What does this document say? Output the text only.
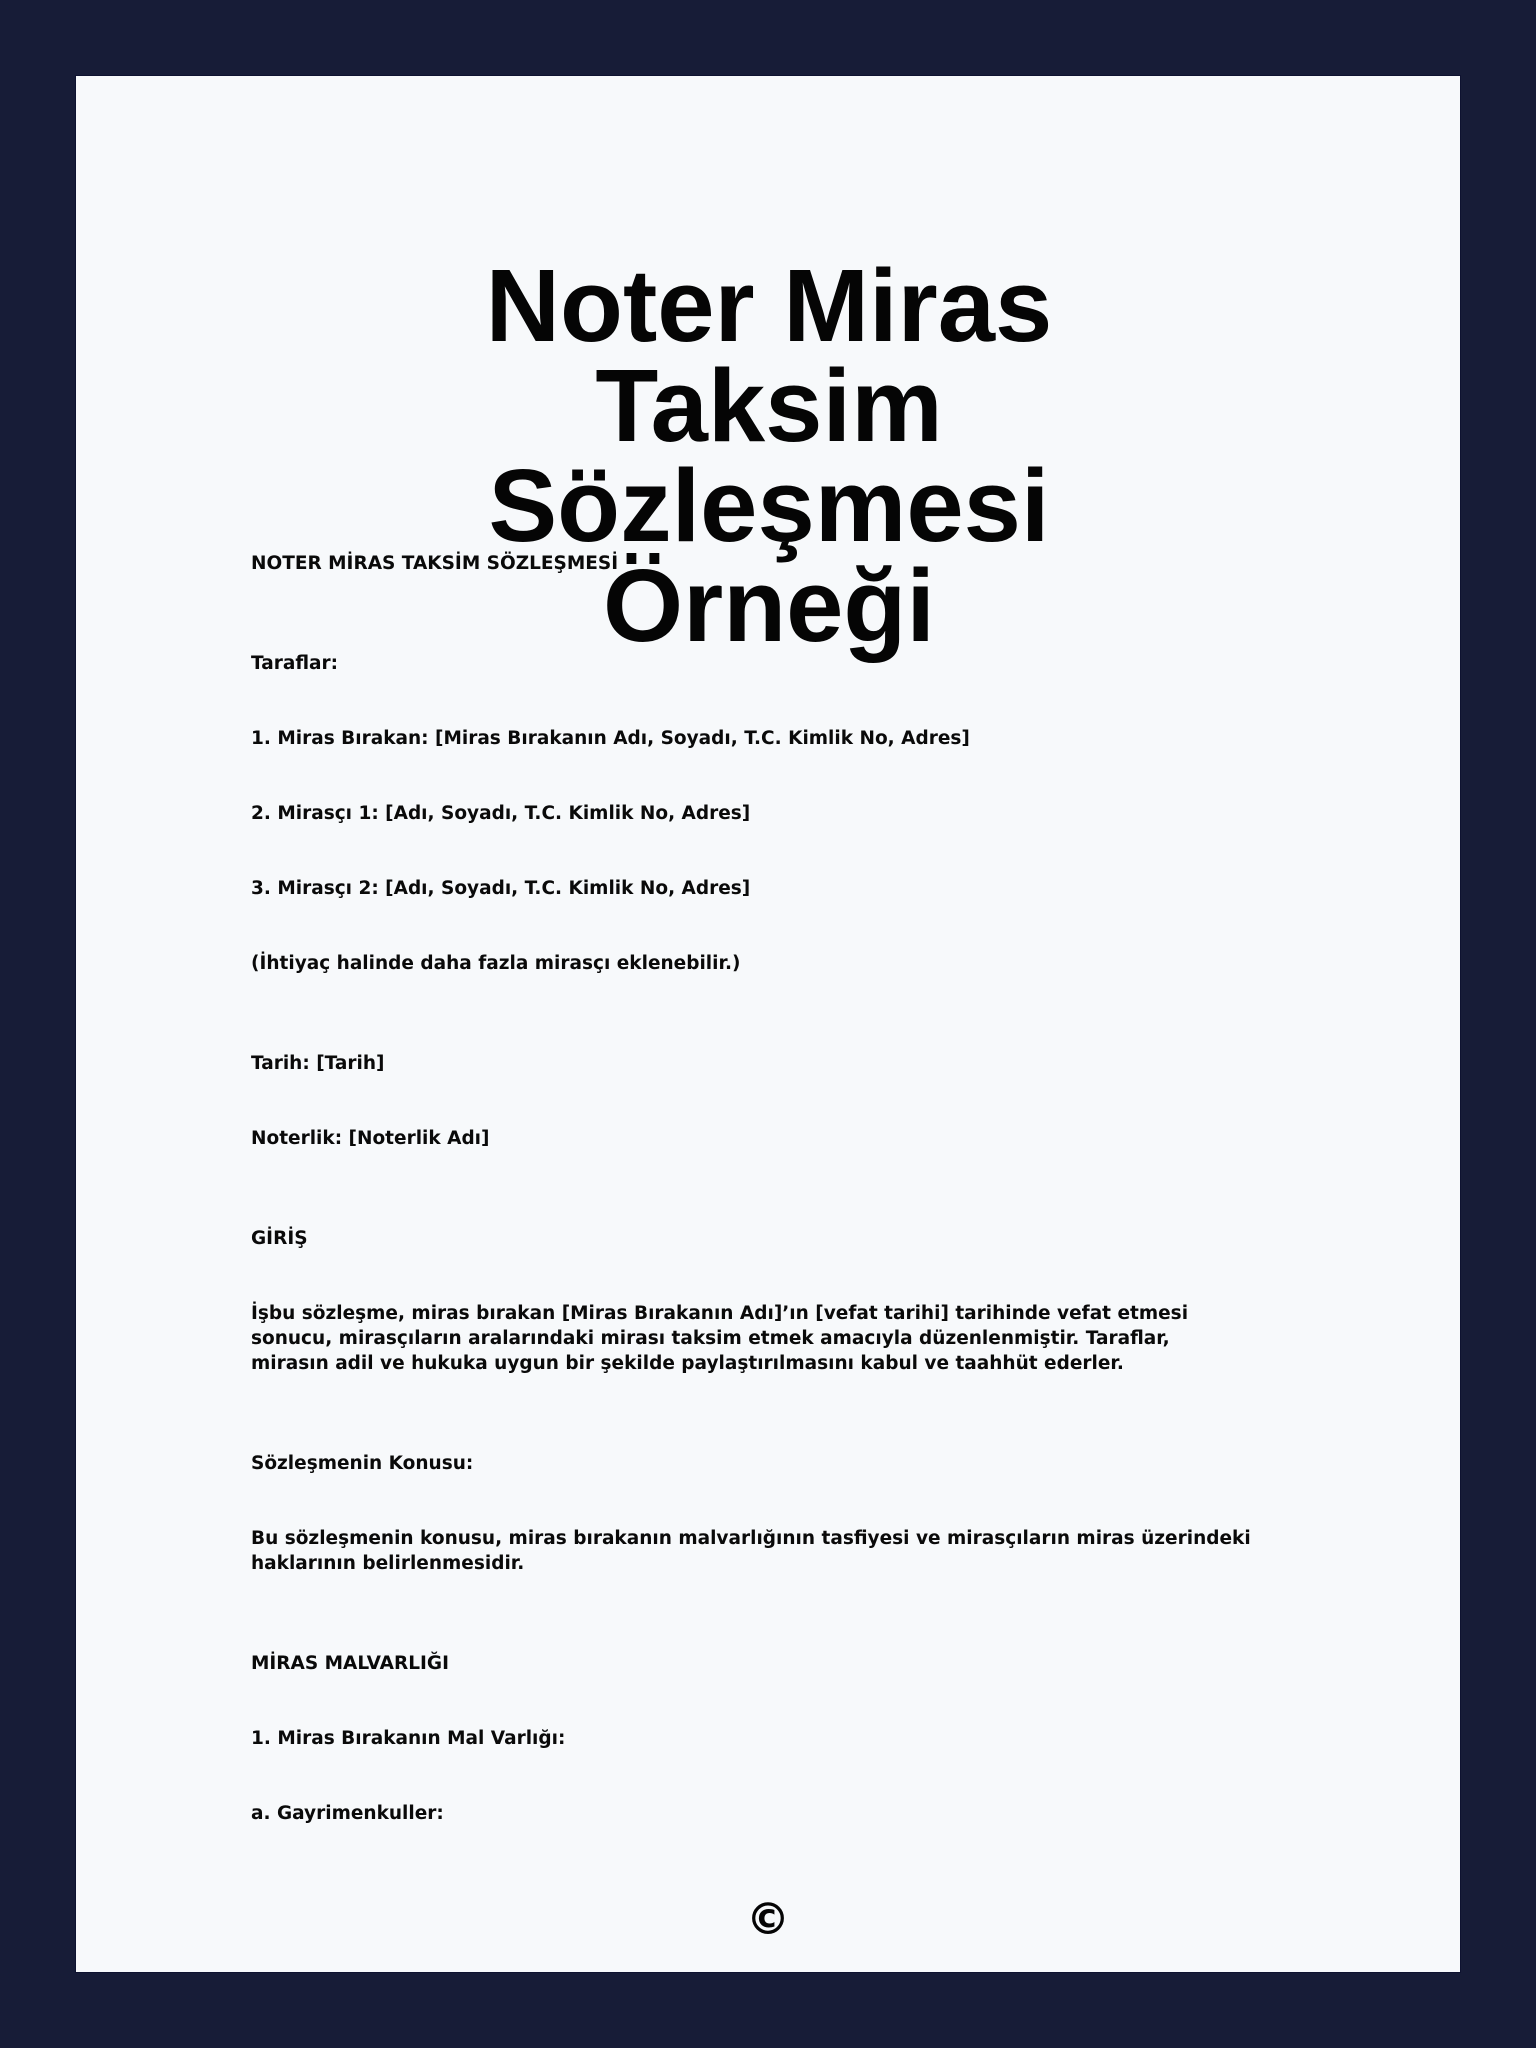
Noter Miras Taksim Sözleşmesi Örneği

NOTER MİRAS TAKSİM SÖZLEŞMESİ

Taraflar:

1. Miras Bırakan: [Miras Bırakanın Adı, Soyadı, T.C. Kimlik No, Adres]

2. Mirasçı 1: [Adı, Soyadı, T.C. Kimlik No, Adres]

3. Mirasçı 2: [Adı, Soyadı, T.C. Kimlik No, Adres]

(İhtiyaç halinde daha fazla mirasçı eklenebilir.)

Tarih: [Tarih]

Noterlik: [Noterlik Adı]

GİRİŞ

İşbu sözleşme, miras bırakan [Miras Bırakanın Adı]’ın [vefat tarihi] tarihinde vefat etmesi sonucu, mirasçıların aralarındaki mirası taksim etmek amacıyla düzenlenmiştir. Taraflar, mirasın adil ve hukuka uygun bir şekilde paylaştırılmasını kabul ve taahhüt ederler.

Sözleşmenin Konusu:

Bu sözleşmenin konusu, miras bırakanın malvarlığının tasfiyesi ve mirasçıların miras üzerindeki haklarının belirlenmesidir.

MİRAS MALVARLIĞI

1. Miras Bırakanın Mal Varlığı:

a. Gayrimenkuller:

©
